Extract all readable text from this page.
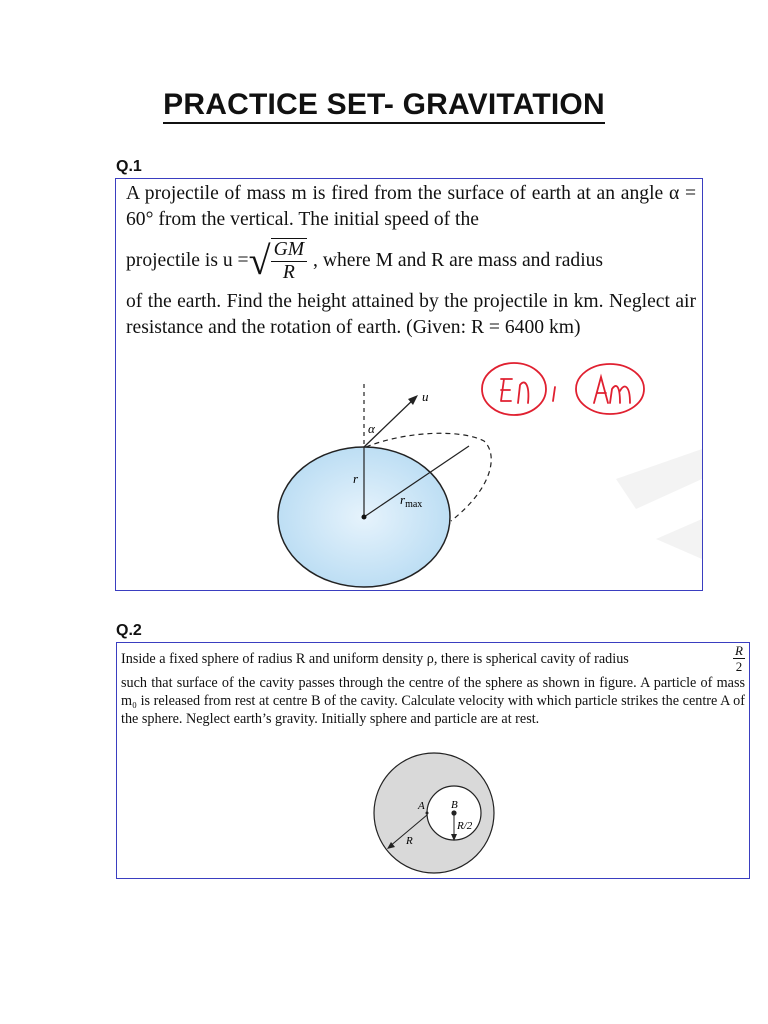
PRACTICE SET- GRAVITATION
Q.1

A projectile of mass m is fired from the surface of earth at an angle α = 60° from the vertical. The initial speed of the

projectile is u = √ $\frac{GM}{R}$ , where M and R are mass and radius

of the earth. Find the height attained by the projectile in km. Neglect air resistance and the rotation of earth. (Given: R = 6400 km)

u
α
r
$r_{max}$
Q.2
Inside a fixed sphere of radius R and uniform density ρ, there is spherical cavity of radius	$\frac{R}{2}$

such that surface of the cavity passes through the centre of the sphere as shown in figure. A particle of mass m₀ is released from rest at centre B of the cavity. Calculate velocity with which particle strikes the centre A of the sphere. Neglect earth’s gravity. Initially sphere and particle are at rest.

A B
R/2
R
